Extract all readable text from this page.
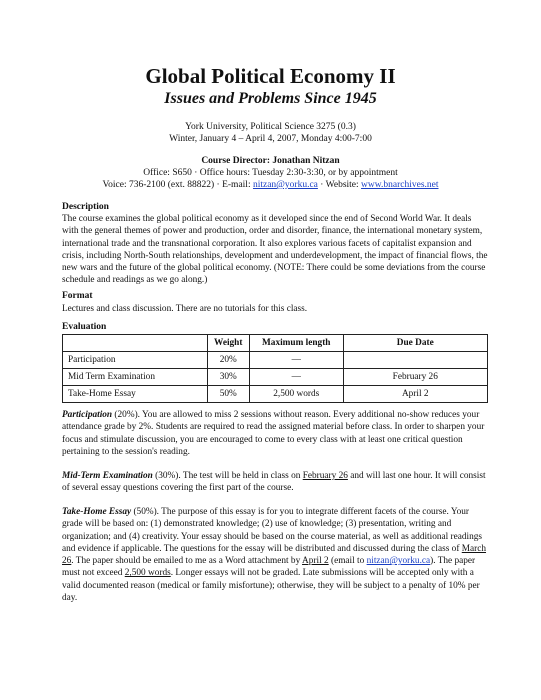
Global Political Economy II
Issues and Problems Since 1945
York University, Political Science 3275 (0.3)
Winter, January 4 – April 4, 2007, Monday 4:00-7:00
Course Director: Jonathan Nitzan
Office: S650 · Office hours: Tuesday 2:30-3:30, or by appointment
Voice: 736-2100 (ext. 88822) · E-mail: nitzan@yorku.ca · Website: www.bnarchives.net
Description
The course examines the global political economy as it developed since the end of Second World War. It deals with the general themes of power and production, order and disorder, finance, the international monetary system, international trade and the transnational corporation. It also explores various facets of capitalist expansion and crisis, including North-South relationships, development and underdevelopment, the impact of financial flows, the new wars and the future of the global political economy. (NOTE: There could be some deviations from the course schedule and readings as we go along.)
Format
Lectures and class discussion. There are no tutorials for this class.
Evaluation
	Weight	Maximum length	Due Date
Participation	20%	—	
Mid Term Examination	30%	—	February 26
Take-Home Essay	50%	2,500 words	April 2
Participation (20%). You are allowed to miss 2 sessions without reason. Every additional no-show reduces your attendance grade by 2%. Students are required to read the assigned material before class. In order to sharpen your focus and stimulate discussion, you are encouraged to come to every class with at least one critical question pertaining to the session's reading.
Mid-Term Examination (30%). The test will be held in class on February 26 and will last one hour. It will consist of several essay questions covering the first part of the course.
Take-Home Essay (50%). The purpose of this essay is for you to integrate different facets of the course. Your grade will be based on: (1) demonstrated knowledge; (2) use of knowledge; (3) presentation, writing and organization; and (4) creativity. Your essay should be based on the course material, as well as additional readings and evidence if applicable. The questions for the essay will be distributed and discussed during the class of March 26. The paper should be emailed to me as a Word attachment by April 2 (email to nitzan@yorku.ca). The paper must not exceed 2,500 words. Longer essays will not be graded. Late submissions will be accepted only with a valid documented reason (medical or family misfortune); otherwise, they will be subject to a penalty of 10% per day.
